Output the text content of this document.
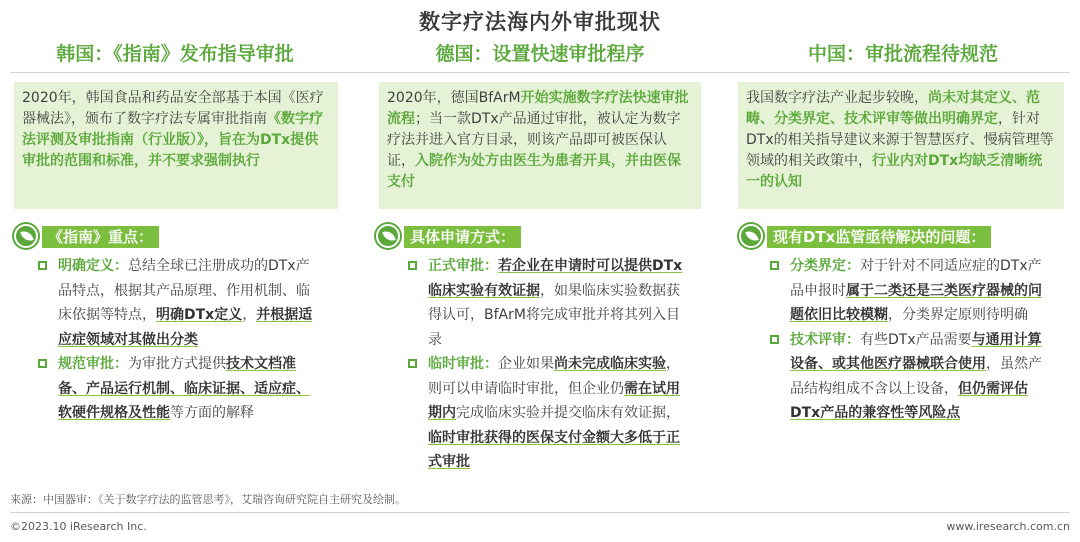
数字疗法海内外审批现状
韩国：《指南》发布指导审批	德国：设置快速审批程序	中国：审批流程待规范
2020年，韩国食品和药品安全部基于本国《医疗器械法》，颁布了数字疗法专属审批指南《数字疗法评测及审批指南（行业版）》，旨在为DTx提供审批的范围和标准，并不要求强制执行
2020年，德国BfArM开始实施数字疗法快速审批流程；当一款DTx产品通过审批，被认定为数字疗法并进入官方目录，则该产品即可被医保认证，入院作为处方由医生为患者开具，并由医保支付
我国数字疗法产业起步较晚，尚未对其定义、范畴、分类界定、技术评审等做出明确界定，针对DTx的相关指导建议来源于智慧医疗、慢病管理等领域的相关政策中，行业内对DTx均缺乏清晰统一的认知
《指南》重点：	具体申请方式：	现有DTx监管亟待解决的问题：
明确定义：总结全球已注册成功的DTx产品特点，根据其产品原理、作用机制、临床依据等特点，明确DTx定义，并根据适应症领域对其做出分类
规范审批：为审批方式提供技术文档准备、产品运行机制、临床证据、适应症、软硬件规格及性能等方面的解释
正式审批：若企业在申请时可以提供DTx临床实验有效证据，如果临床实验数据获得认可，BfArM将完成审批并将其列入目录
临时审批：企业如果尚未完成临床实验，则可以申请临时审批，但企业仍需在试用期内完成临床实验并提交临床有效证据，临时审批获得的医保支付金额大多低于正式审批
分类界定：对于针对不同适应症的DTx产品申报时属于二类还是三类医疗器械的问题依旧比较模糊，分类界定原则待明确
技术评审：有些DTx产品需要与通用计算设备、或其他医疗器械联合使用，虽然产品结构组成不含以上设备，但仍需评估DTx产品的兼容性等风险点
来源：中国器审：《关于数字疗法的监管思考》，艾瑞咨询研究院自主研究及绘制。
©2023.10 iResearch Inc.	www.iresearch.com.cn
